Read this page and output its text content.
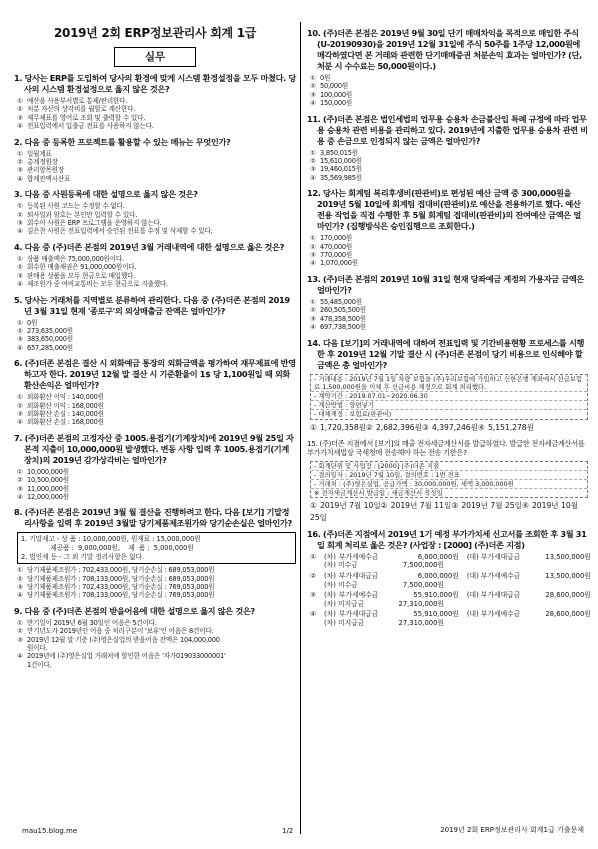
2019년 2회 ERP정보관리사 회계 1급
실무
1. 당사는 ERP를 도입하여 당사의 환경에 맞게 시스템 환경설정을 모두 마쳤다. 당사의 시스템 환경설정으로 옳지 않은 것은?
① 예산을 사용부서별로 통제/관리한다.
② 처분 자산의 상각비를 월할로 계산한다.
③ 재무제표를 영어로 조회 및 출력할 수 있다.
④ 전표입력에서 입출금 전표를 사용하지 않는다.
2. 다음 중 등록한 프로젝트를 활용할 수 있는 메뉴는 무엇인가?
① 일월계표
② 총계정원장
③ 관리항목원장
④ 합계잔액시산표
3. 다음 중 사원등록에 대한 설명으로 옳지 않은 것은?
① 등록된 사원 코드는 수정할 수 없다.
② 퇴사일과 암호는 본인만 입력할 수 있다.
③ 회수아 사원은 ERP 프로그램을 운영하지 않는다.
④ 김은찬 사원은 전표입력에서 승인된 전표를 수정 및 삭제할 수 있다.
4. 다음 중 (주)더존 본점의 2019년 3월 거래내역에 대한 설명으로 옳은 것은?
① 상품 매출액은 75,000,000원이다.
② 회수한 매출채권은 91,000,000원이다.
③ 판매용 상품을 모두 현금으로 매입했다.
④ 제조원가 중 여비교통비는 모두 현금으로 지출했다.
5. 당사는 거래처를 지역별로 분류하여 관리한다. 다음 중 (주)더존 본점의 2019년 3월 31일 현재 '종로구'의 외상매출금 잔액은 얼마인가?
① 0원
② 273,635,000원
③ 383,650,000원
④ 657,285,000원
6. (주)더존 본점은 결산 시 외화예금 통장의 외화금액을 평가하여 재무제표에 반영하고자 한다. 2019년 12월 말 결산 시 기준환율이 1$ 당 1,100원일 때 외화환산손익은 얼마인가?
① 외화환산 이익 : 140,000원
② 외화환산 이익 : 168,000원
③ 외화환산 손실 : 140,000원
④ 외화환산 손실 : 168,000원
7. (주)더존 본점의 고정자산 중 1005.용접기(기계장치)에 2019년 9월 25일 자본적 지출이 10,000,000원 발생했다. 변동 사항 입력 후 1005.용접기(기계장치)의 2019년 감가상각비는 얼마인가?
① 10,000,000원
② 10,500,000원
③ 11,000,000원
④ 12,000,000원
8. (주)더존 본점은 2019년 3월 월 결산을 진행하려고 한다. 다음 [보기] 기말정리사항을 입력 후 2019년 3월말 당기제품제조원가와 당기순손실은 얼마인가?
1. 기말재고 - 상 품 : 10,000,000원, 원재료 : 15,000,000원
제공품 :  9,000,000원,    제  품 :  5,000,000원
2. 법인세 등 - 그 외 기말 정리사항은 없다.
① 당기제품제조원가 : 702,433,000원, 당기순손실 : 689,053,000원
② 당기제품제조원가 : 708,133,000원, 당기순손실 : 689,053,000원
③ 당기제품제조원가 : 702,433,000원, 당기순손실 : 769,053,000원
④ 당기제품제조원가 : 708,133,000원, 당기순손실 : 769,053,000원
9. 다음 중 (주)더존 본점의 받을어음에 대한 설명으로 옳지 않은 것은?
① 만기일이 2019년 6월 30일인 어음은 5건이다.
② 만기년도가 2019년인 어음 중 처리구분이 '보유'인 어음은 8건이다.
③ 2019년 12월 말 기준 (주)영은실업의 받을어음 잔액은 104,000,000
원이다.
④ 2019년에 (주)영은실업 거래처에 할인한 어음은 '자가019033000001'
1건이다.
10. (주)더존 본점은 2019년 9월 30일 단기 매매차익을 목적으로 매입한 주식(U-20190930)을 2019년 12월 31일에 주식 50주를 1주당 12,000원에 매각하였다면 본 거래와 관련한 단기매매증권 처분손익 효과는 얼마인가? (단, 처분 시 수수료는 50,000원이다.)
① 0원
② 50,000원
③ 100,000원
④ 150,000원
11. (주)더존 본점은 법인세법의 업무용 승용차 손금불산입 특례 규정에 따라 업무용 승용차 관련 비용을 관리하고 있다. 2019년에 지출한 업무용 승용차 관련 비용 중 손금으로 인정되지 않는 금액은 얼마인가?
① 3,850,015원
② 15,610,000원
③ 19,460,015원
④ 35,569,985원
12. 당사는 회계팀 복리후생비(판관비)로 편성된 예산 금액 중 300,000원을 2019년 5월 10일에 회계팀 접대비(판관비)로 예산을 전용하기로 했다. 예산 전용 작업을 직접 수행한 후 5월 회계팀 접대비(판관비)의 잔여예산 금액은 얼마인가? (집행방식은 승인집행으로 조회한다.)
① 170,000원
② 470,000원
③ 770,000원
④ 1,070,000원
13. (주)더존 본점의 2019년 10월 31일 현재 당좌예금 계정의 가용자금 금액은 얼마인가?
① 55,485,000원
② 260,505,500원
③ 478,358,500원
④ 697,738,500원
14. 다음 [보기]의 거래내역에 대하여 전표입력 및 기간비용현황 프로세스를 시행한 후 2019년 12월 기말 결산 시 (주)더존 본점이 당기 비용으로 인식해야 할 금액은 총 얼마인가?
- 거래내용 : 2019년 7월 1일 차량 보험을 (주)우리보험에 가입하고 신한은행 계좌에서 선급보험료 1,500,000원을 이체 후 선급비용 계정으로 회계 처리했다.
- 계약기간 : 2019.07.01~2020.06.30
- 계산방법 : 양편넣기
- 대체계정 : 보험료(판관비)
① 1,720,358원② 2,682,396원③ 4,397,246원④ 5,151,278원
15. (주)더존 지점에서 [보기]의 매출 전자세금계산서를 발급하였다. 발급한 전자세금계산서를 부가가치세법상 국세청에 전송해야 하는 전송 기한은?
- 회계단위 및 사업장 : [2000] (주)더존 지점
- 결의일자 : 2019년 7월 10일, 결의번호 : 1번 전표
- 거래처 : (주)영은실업, 공급가액 : 30,000,000원, 세액 3,000,000원
※ 전자세금계산서 발급일 : 세금계산서 작성일
① 2019년 7월 10일② 2019년 7월 11일③ 2019년 7월 25일④ 2019년 10월 25일
16. (주)더존 지점에서 2019년 1기 예정 부가가치세 신고서를 조회한 후 3월 31일 회계 처리로 옳은 것은? (사업장 : [2000] (주)더존 지점)
① (차) 부가세예수금	6,000,000원 (대) 부가세대급금	13,500,000원
(차) 미수금	7,500,000원
② (차) 부가세대급금	6,000,000원 (대) 부가세예수금	13,500,000원
(차) 미수금	7,500,000원
③ (차) 부가세예수금	55,910,000원 (대) 부가세대급금	28,600,000원
(차) 미지급금	27,310,000원
④ (차) 부가세대급금	55,910,000원 (대) 부가세예수금	28,600,000원
(차) 미지급금	27,310,000원
mau15.blog.me	1/2	2019년 2회 ERP정보관리사 회계1급 기출문제
